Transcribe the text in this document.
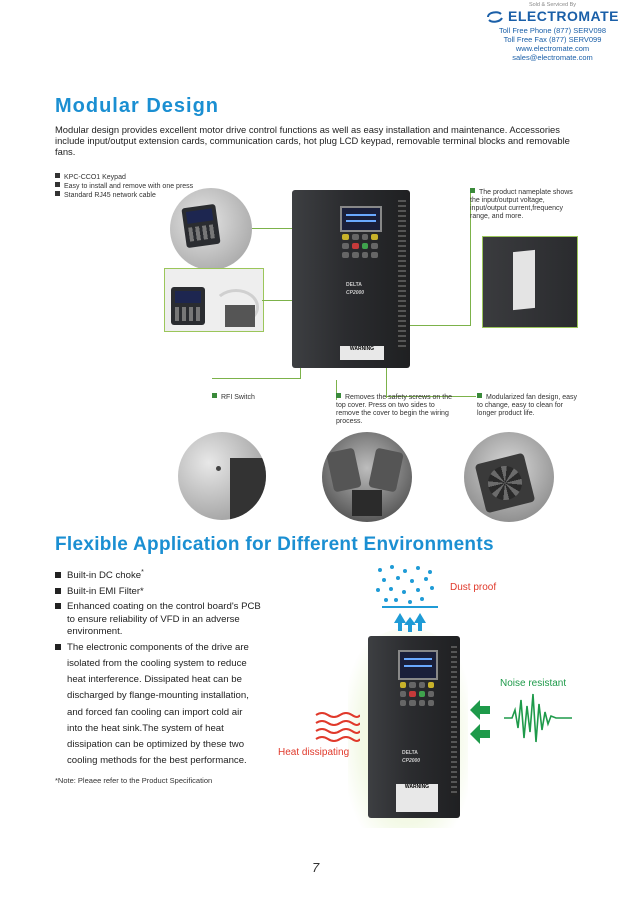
Sold & Serviced By
ELECTROMATE
Toll Free Phone (877) SERV098
Toll Free Fax (877) SERV099
www.electromate.com
sales@electromate.com
Modular Design
Modular design provides excellent motor drive control functions as well as easy installation and maintenance. Accessories include input/output extension cards, communication cards, hot plug LCD keypad, removable terminal blocks and removable fans.
KPC-CCO1 Keypad
Easy to install and remove with one press
Standard RJ45 network cable
DELTA
CP2000
WARNING
The product nameplate shows the input/output voltage, input/output current,frequency range, and more.
RFI Switch	Removes the safety screws on the top cover. Press on two sides to remove the cover to begin the wiring process.
Modularized fan design, easy to change, easy to clean for longer product life.
Flexible Application for Different Environments
Built-in DC choke*
Built-in EMI Filter*
Enhanced coating on the control board's PCB
to ensure reliability of VFD in an adverse
environment.
The electronic components of the drive are
isolated from the cooling system to reduce
heat interference. Dissipated heat can be
discharged by flange-mounting installation,
and forced fan cooling can import cold air
into the heat sink.The system of heat
dissipation can be optimized by these two
cooling methods for the best performance.
*Note: Pleaee refer to the Product Specification
Dust proof
DELTA
CP2000
WARNING
Noise resistant
Heat dissipating
7
